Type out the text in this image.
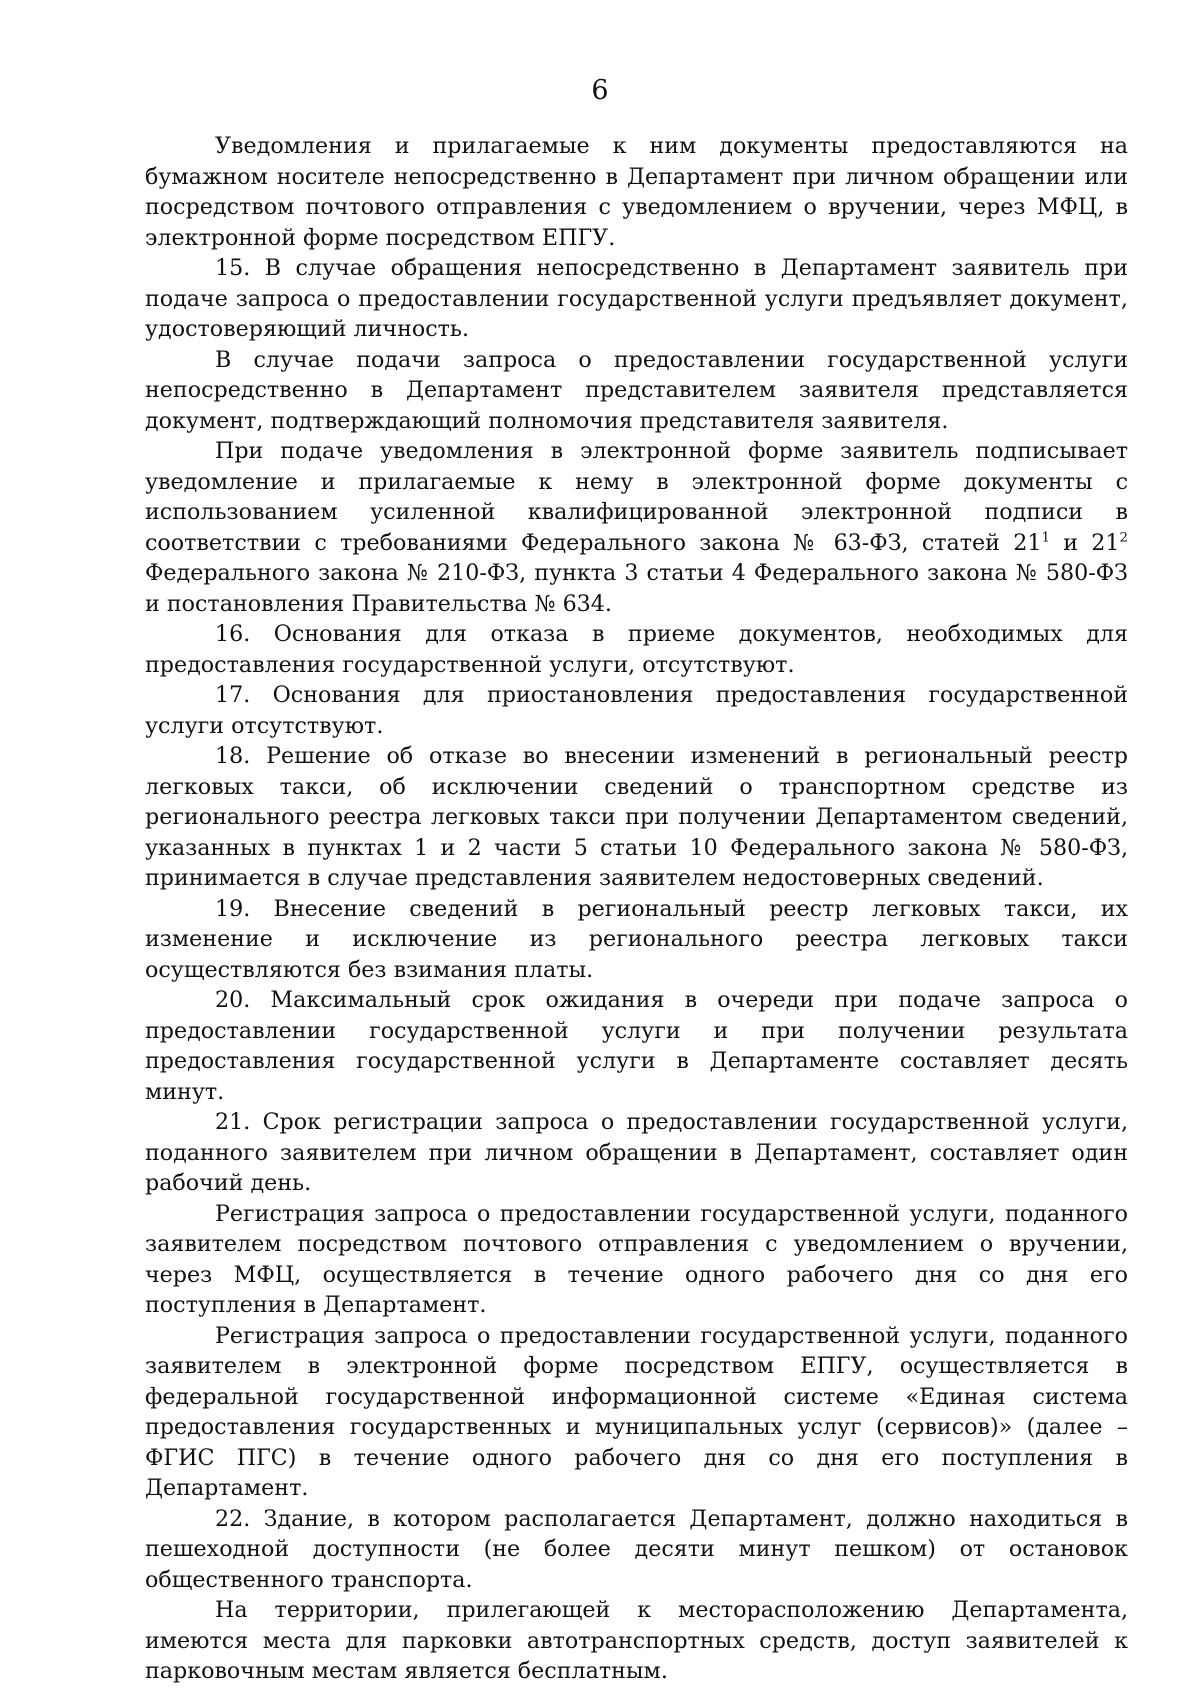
6

Уведомления и прилагаемые к ним документы предоставляются на бумажном носителе непосредственно в Департамент при личном обращении или посредством почтового отправления с уведомлением о вручении, через МФЦ, в электронной форме посредством ЕПГУ.

15. В случае обращения непосредственно в Департамент заявитель при подаче запроса о предоставлении государственной услуги предъявляет документ, удостоверяющий личность.

В случае подачи запроса о предоставлении государственной услуги непосредственно в Департамент представителем заявителя представляется документ, подтверждающий полномочия представителя заявителя.

При подаче уведомления в электронной форме заявитель подписывает уведомление и прилагаемые к нему в электронной форме документы с использованием усиленной квалифицированной электронной подписи в соответствии с требованиями Федерального закона № 63-ФЗ, статей $21^1$ и $21^2$ Федерального закона № 210-ФЗ, пункта 3 статьи 4 Федерального закона № 580-ФЗ и постановления Правительства № 634.

16. Основания для отказа в приеме документов, необходимых для предоставления государственной услуги, отсутствуют.

17. Основания для приостановления предоставления государственной услуги отсутствуют.

18. Решение об отказе во внесении изменений в региональный реестр легковых такси, об исключении сведений о транспортном средстве из регионального реестра легковых такси при получении Департаментом сведений, указанных в пунктах 1 и 2 части 5 статьи 10 Федерального закона № 580-ФЗ, принимается в случае представления заявителем недостоверных сведений.

19. Внесение сведений в региональный реестр легковых такси, их изменение и исключение из регионального реестра легковых такси осуществляются без взимания платы.

20. Максимальный срок ожидания в очереди при подаче запроса о предоставлении государственной услуги и при получении результата предоставления государственной услуги в Департаменте составляет десять минут.

21. Срок регистрации запроса о предоставлении государственной услуги, поданного заявителем при личном обращении в Департамент, составляет один рабочий день.

Регистрация запроса о предоставлении государственной услуги, поданного заявителем посредством почтового отправления с уведомлением о вручении, через МФЦ, осуществляется в течение одного рабочего дня со дня его поступления в Департамент.

Регистрация запроса о предоставлении государственной услуги, поданного заявителем в электронной форме посредством ЕПГУ, осуществляется в федеральной государственной информационной системе «Единая система предоставления государственных и муниципальных услуг (сервисов)» (далее – ФГИС ПГС) в течение одного рабочего дня со дня его поступления в Департамент.

22. Здание, в котором располагается Департамент, должно находиться в пешеходной доступности (не более десяти минут пешком) от остановок общественного транспорта.

На территории, прилегающей к месторасположению Департамента, имеются места для парковки автотранспортных средств, доступ заявителей к парковочным местам является бесплатным.
